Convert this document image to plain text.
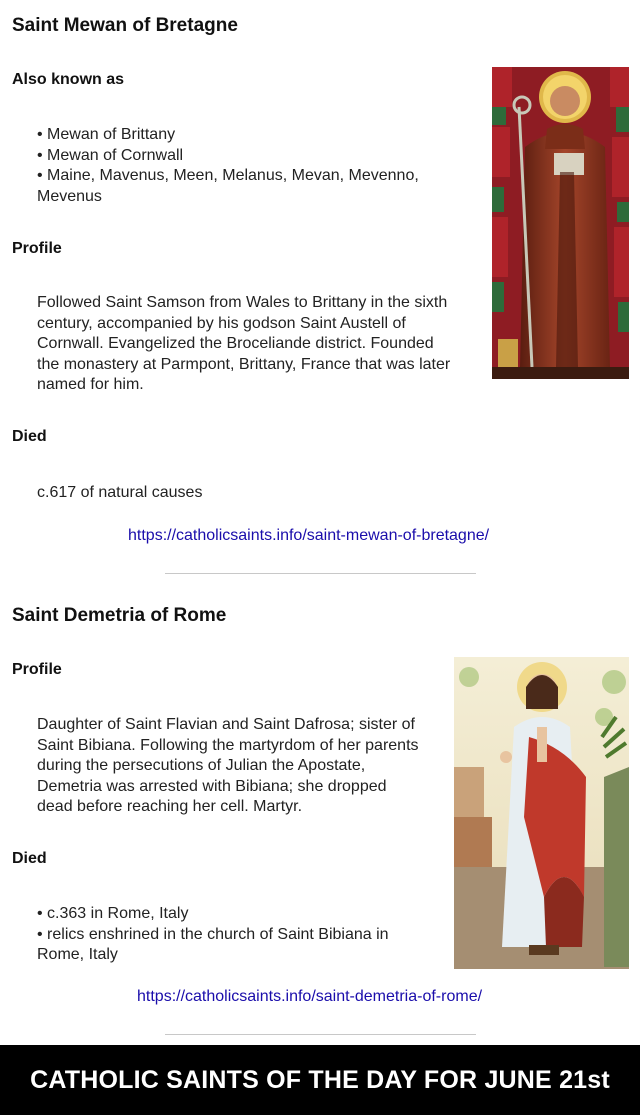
Saint Mewan of Bretagne
Also known as
• Mewan of Brittany
• Mewan of Cornwall
• Maine, Mavenus, Meen, Melanus, Mevan, Mevenno,
Mevenus
Profile
Followed Saint Samson from Wales to Brittany in the sixth
century, accompanied by his godson Saint Austell of
Cornwall. Evangelized the Broceliande district. Founded
the monastery at Parmpont, Brittany, France that was later
named for him.
Died
c.617 of natural causes
https://catholicsaints.info/saint-mewan-of-bretagne/
Saint Demetria of Rome
Profile
Daughter of Saint Flavian and Saint Dafrosa; sister of
Saint Bibiana. Following the martyrdom of her parents
during the persecutions of Julian the Apostate,
Demetria was arrested with Bibiana; she dropped
dead before reaching her cell. Martyr.
Died
• c.363 in Rome, Italy
• relics enshrined in the church of Saint Bibiana in
Rome, Italy
https://catholicsaints.info/saint-demetria-of-rome/
CATHOLIC SAINTS OF THE DAY FOR JUNE 21st
